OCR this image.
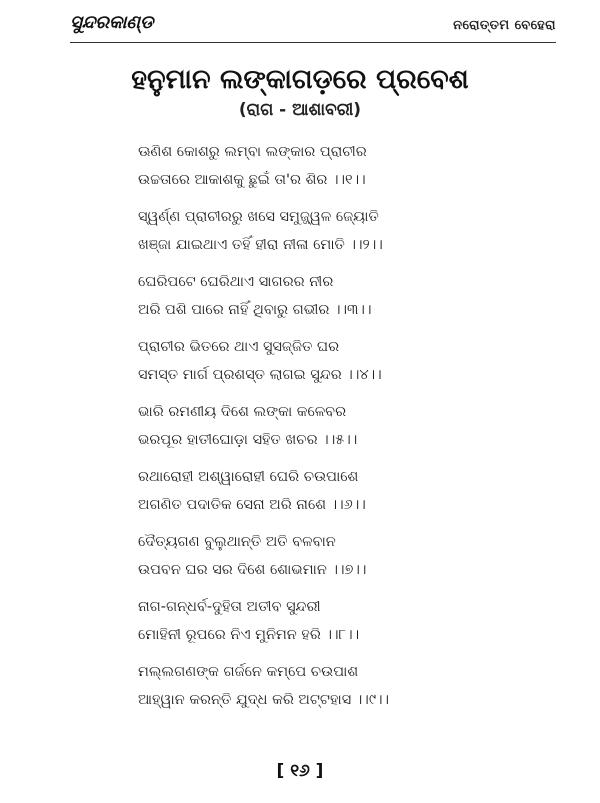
ସୁନ୍ଦରକାଣ୍ଡ	ନରୋତ୍ତମ ବେହେରା
ହନୁମାନ ଲଙ୍କାଗଡ଼ରେ ପ୍ରବେଶ
(ରାଗ - ଆଶାବରୀ)
ଊଣିଶ କୋଶରୁ ଲମ୍ବା ଲଙ୍କାର ପ୍ରାଚୀର
ଉଚ୍ଚତାରେ ଆକାଶକୁ ଛୁଇଁ ତା'ର ଶିର ।।୧।।
ସ୍ୱର୍ଣ୍ଣ ପ୍ରାଚୀରରୁ ଖସେ ସମୁଜ୍ଜ୍ୱଳ ଜ୍ୟୋତି
ଖଞ୍ଜା ଯାଇଥାଏ ତହିଁ ହୀରା ନୀଳା ମୋତି ।।୨।।
ଘେରିପଟେ ଘେରିଥାଏ ସାଗରର ନୀର
ଅରି ପଶି ପାରେ ନାହିଁ ଥିବାରୁ ଗଭୀର ।।୩।।
ପ୍ରାଚୀର ଭିତରେ ଥାଏ ସୁସଜ୍ଜିତ ଘର
ସମସ୍ତ ମାର୍ଗ ପ୍ରଶସ୍ତ ଲାଗଇ ସୁନ୍ଦର ।।୪।।
ଭାରି ରମଣୀୟ ଦିଶେ ଲଙ୍କା କଳେବର
ଭରପୂର ହାତୀଘୋଡ଼ା ସହିତ ଖଚର ।।୫।।
ରଥାରୋହୀ ଅଶ୍ୱାରୋହୀ ଘେରି ଚଉପାଶେ
ଅଗଣିତ ପଦାତିକ ସେନା ଅରି ନାଶେ ।।୬।।
ଦୈତ୍ୟଗଣ ବୁଲୁଥାନ୍ତି ଅତି ବଳବାନ
ଉପବନ ଘର ସର ଦିଶେ ଶୋଭମାନ ।।୭।।
ନାଗ-ଗନ୍ଧର୍ବ-ଦୁହିତା ଅତୀବ ସୁନ୍ଦରୀ
ମୋହିନୀ ରୂପରେ ନିଏ ମୁନିମନ ହରି ।।୮।।
ମଲ୍ଲଗଣଙ୍କ ଗର୍ଜନେ କମ୍ପେ ଚଉପାଶ
ଆହ୍ୱାନ କରନ୍ତି ଯୁଦ୍ଧ କରି ଅଟ୍ଟହାସ ।।୯।।
[ ୧୬ ]
